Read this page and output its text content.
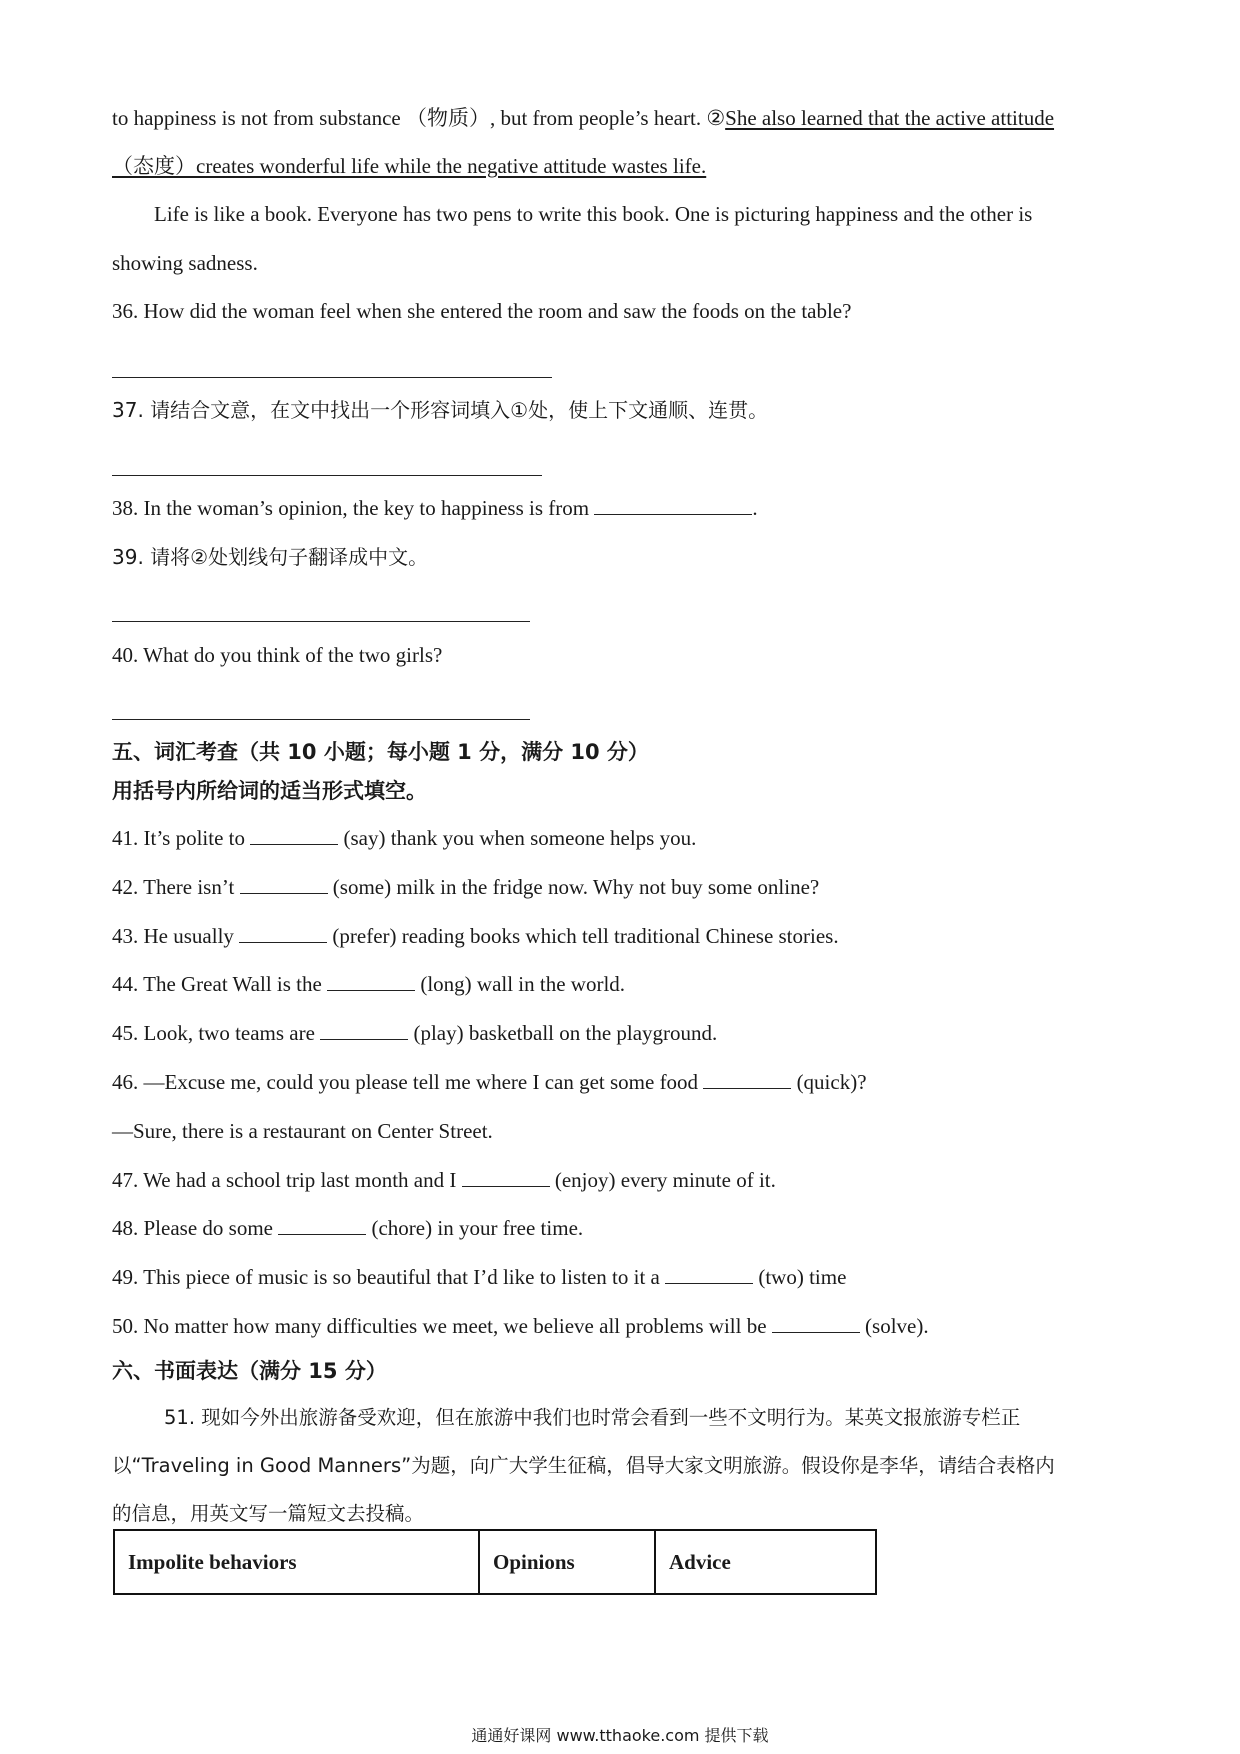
to happiness is not from substance （物质）, but from people’s heart. ②She also learned that the active attitude
（态度）creates wonderful life while the negative attitude wastes life.
Life is like a book. Everyone has two pens to write this book. One is picturing happiness and the other is
showing sadness.
36. How did the woman feel when she entered the room and saw the foods on the table?
37. 请结合文意，在文中找出一个形容词填入①处，使上下文通顺、连贯。
38. In the woman’s opinion, the key to happiness is from	.
39. 请将②处划线句子翻译成中文。
40. What do you think of the two girls?
五、词汇考查（共 10 小题；每小题 1 分，满分 10 分）
用括号内所给词的适当形式填空。
41. It’s polite to	(say) thank you when someone helps you.
42. There isn’t	(some) milk in the fridge now. Why not buy some online?
43. He usually	(prefer) reading books which tell traditional Chinese stories.
44. The Great Wall is the	(long) wall in the world.
45. Look, two teams are	(play) basketball on the playground.
46. —Excuse me, could you please tell me where I can get some food	(quick)?
—Sure, there is a restaurant on Center Street.
47. We had a school trip last month and I	(enjoy) every minute of it.
48. Please do some	(chore) in your free time.
49. This piece of music is so beautiful that I’d like to listen to it a	(two) time
50. No matter how many difficulties we meet, we believe all problems will be	(solve).
六、书面表达（满分 15 分）
51. 现如今外出旅游备受欢迎，但在旅游中我们也时常会看到一些不文明行为。某英文报旅游专栏正
以“Traveling in Good Manners”为题，向广大学生征稿，倡导大家文明旅游。假设你是李华，请结合表格内
的信息，用英文写一篇短文去投稿。
Impolite behaviors	Opinions	Advice
通通好课网 www.tthaoke.com 提供下载
